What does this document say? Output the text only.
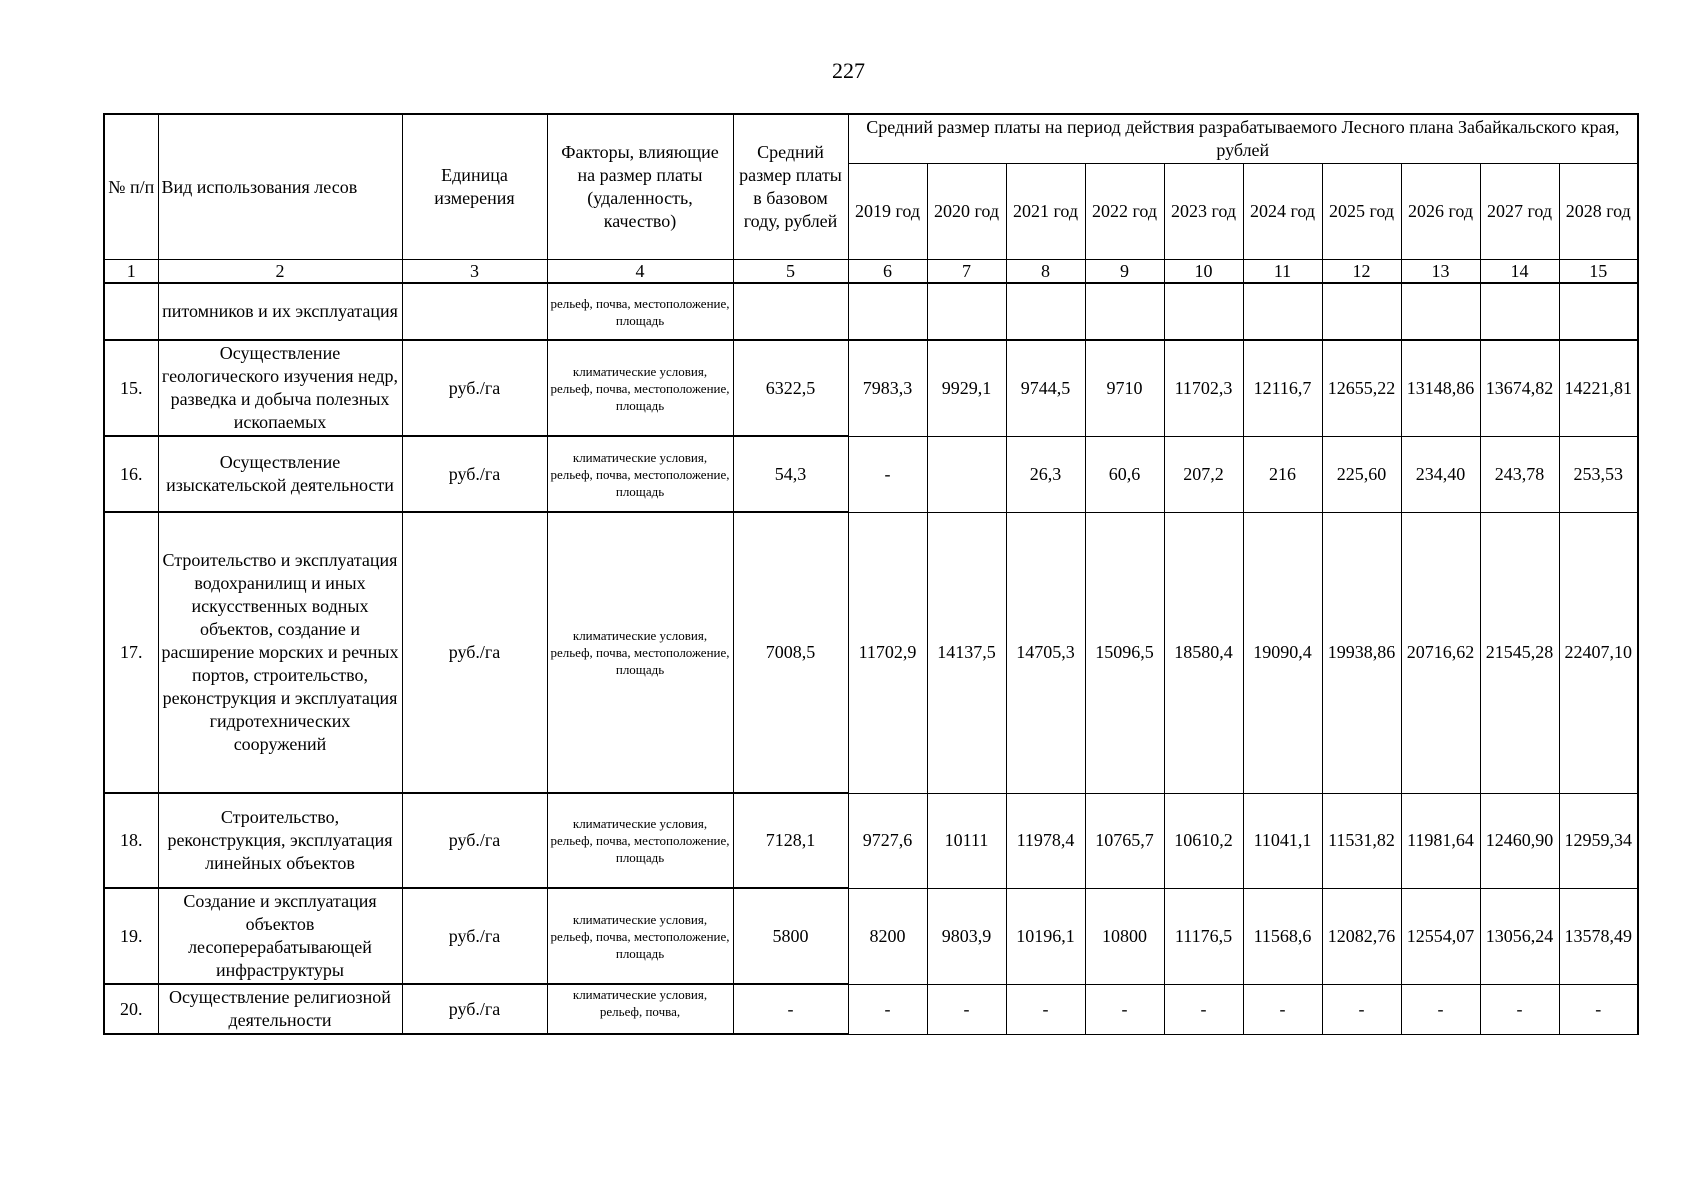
227
№ п/п	Вид использования лесов	Единица измерения	Факторы, влияющие на размер платы (удаленность, качество)	Средний размер платы в базовом году, рублей	Средний размер платы на период действия разрабатываемого Лесного плана Забайкальского края, рублей									
					2019 год	2020 год	2021 год	2022 год	2023 год	2024 год	2025 год	2026 год	2027 год	2028 год
1	2	3	4	5	6	7	8	9	10	11	12	13	14	15
	питомников и их эксплуатация		рельеф, почва, местоположение, площадь											
15.	Осуществление геологического изучения недр, разведка и добыча полезных ископаемых	руб./га	климатические условия, рельеф, почва, местоположение, площадь	6322,5	7983,3	9929,1	9744,5	9710	11702,3	12116,7	12655,22	13148,86	13674,82	14221,81
16.	Осуществление изыскательской деятельности	руб./га	климатические условия, рельеф, почва, местоположение, площадь	54,3	-		26,3	60,6	207,2	216	225,60	234,40	243,78	253,53
17.	Строительство и эксплуатация водохранилищ и иных искусственных водных объектов, создание и расширение морских и речных портов, строительство, реконструкция и эксплуатация гидротехнических сооружений	руб./га	климатические условия, рельеф, почва, местоположение, площадь	7008,5	11702,9	14137,5	14705,3	15096,5	18580,4	19090,4	19938,86	20716,62	21545,28	22407,10
18.	Строительство, реконструкция, эксплуатация линейных объектов	руб./га	климатические условия, рельеф, почва, местоположение, площадь	7128,1	9727,6	10111	11978,4	10765,7	10610,2	11041,1	11531,82	11981,64	12460,90	12959,34
19.	Создание и эксплуатация объектов лесоперерабатывающей инфраструктуры	руб./га	климатические условия, рельеф, почва, местоположение, площадь	5800	8200	9803,9	10196,1	10800	11176,5	11568,6	12082,76	12554,07	13056,24	13578,49
20.	Осуществление религиозной деятельности	руб./га	климатические условия, рельеф, почва,	-	-	-	-	-	-	-	-	-	-	-
